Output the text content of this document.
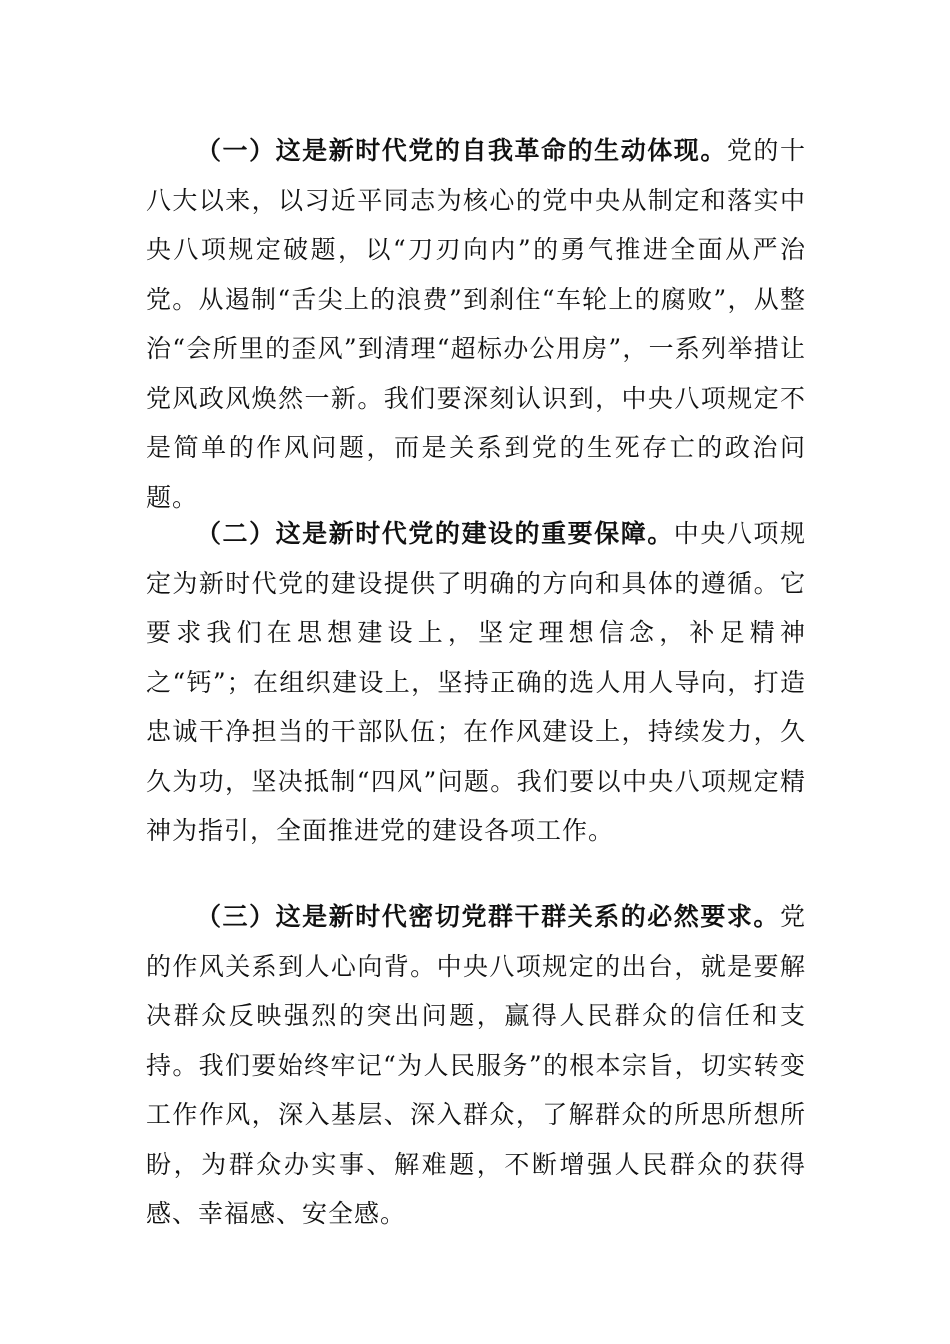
（一）这是新时代党的自我革命的生动体现。党的十八大以来，以习近平同志为核心的党中央从制定和落实中央八项规定破题，以“刀刃向内”的勇气推进全面从严治党。从遏制“舌尖上的浪费”到刹住“车轮上的腐败”，从整治“会所里的歪风”到清理“超标办公用房”，一系列举措让党风政风焕然一新。我们要深刻认识到，中央八项规定不是简单的作风问题，而是关系到党的生死存亡的政治问题。

（二）这是新时代党的建设的重要保障。中央八项规定为新时代党的建设提供了明确的方向和具体的遵循。它要求我们在思想建设上，坚定理想信念，补足精神之“钙”；在组织建设上，坚持正确的选人用人导向，打造忠诚干净担当的干部队伍；在作风建设上，持续发力，久久为功，坚决抵制“四风”问题。我们要以中央八项规定精神为指引，全面推进党的建设各项工作。

（三）这是新时代密切党群干群关系的必然要求。党的作风关系到人心向背。中央八项规定的出台，就是要解决群众反映强烈的突出问题，赢得人民群众的信任和支持。我们要始终牢记“为人民服务”的根本宗旨，切实转变工作作风，深入基层、深入群众，了解群众的所思所想所盼，为群众办实事、解难题，不断增强人民群众的获得感、幸福感、安全感。
